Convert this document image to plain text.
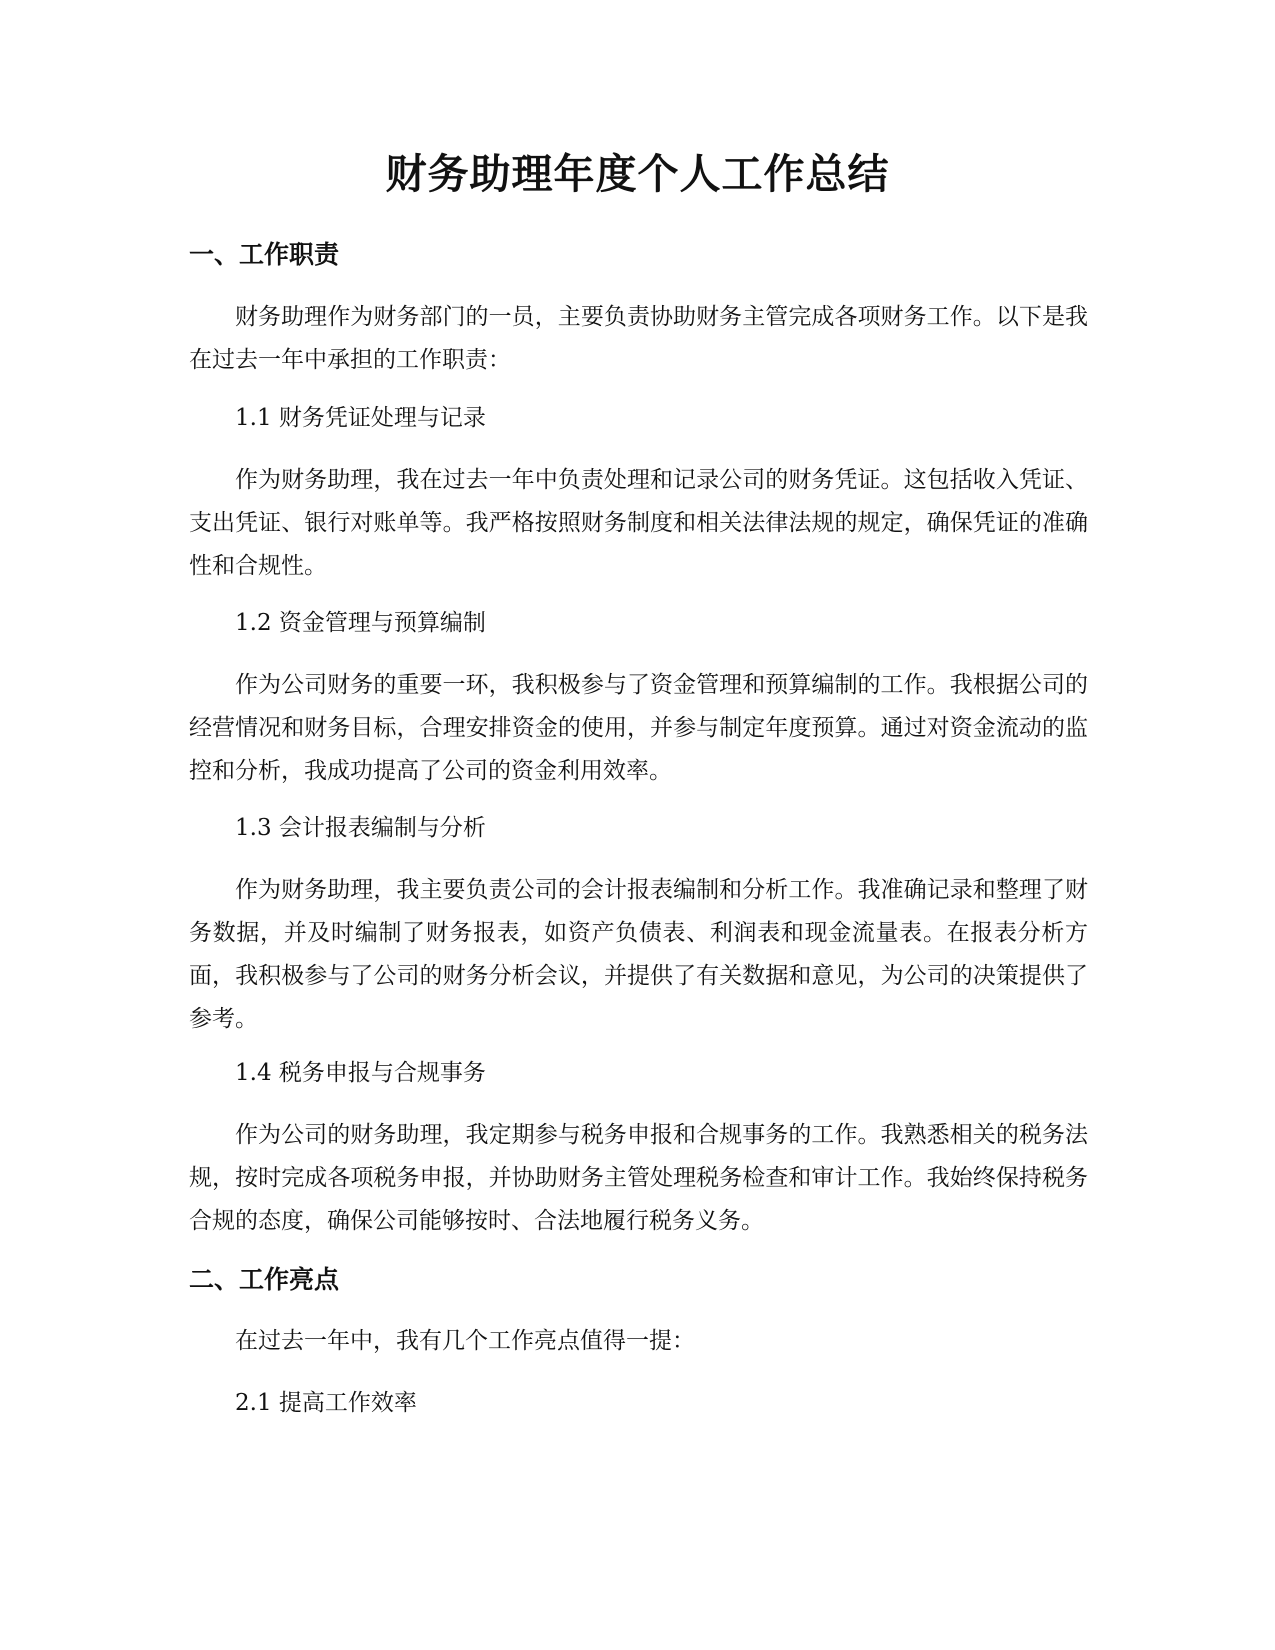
财务助理年度个人工作总结
一、工作职责

财务助理作为财务部门的一员，主要负责协助财务主管完成各项财务工作。以下是我在过去一年中承担的工作职责：

1.1 财务凭证处理与记录

作为财务助理，我在过去一年中负责处理和记录公司的财务凭证。这包括收入凭证、支出凭证、银行对账单等。我严格按照财务制度和相关法律法规的规定，确保凭证的准确性和合规性。

1.2 资金管理与预算编制

作为公司财务的重要一环，我积极参与了资金管理和预算编制的工作。我根据公司的经营情况和财务目标，合理安排资金的使用，并参与制定年度预算。通过对资金流动的监控和分析，我成功提高了公司的资金利用效率。

1.3 会计报表编制与分析

作为财务助理，我主要负责公司的会计报表编制和分析工作。我准确记录和整理了财务数据，并及时编制了财务报表，如资产负债表、利润表和现金流量表。在报表分析方面，我积极参与了公司的财务分析会议，并提供了有关数据和意见，为公司的决策提供了参考。

1.4 税务申报与合规事务

作为公司的财务助理，我定期参与税务申报和合规事务的工作。我熟悉相关的税务法规，按时完成各项税务申报，并协助财务主管处理税务检查和审计工作。我始终保持税务合规的态度，确保公司能够按时、合法地履行税务义务。

二、工作亮点

在过去一年中，我有几个工作亮点值得一提：

2.1 提高工作效率
